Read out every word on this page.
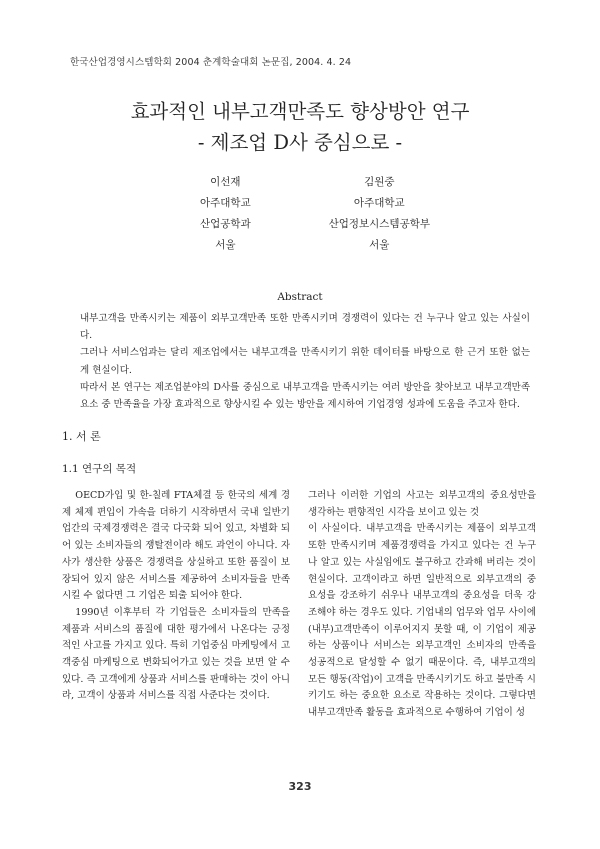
한국산업경영시스템학회 2004 춘계학술대회 논문집, 2004. 4. 24
효과적인 내부고객만족도 향상방안 연구
- 제조업 D사 중심으로 -
이선재
아주대학교
산업공학과
서울
김원중
아주대학교
산업정보시스템공학부
서울
Abstract

내부고객을 만족시키는 제품이 외부고객만족 또한 만족시키며 경쟁력이 있다는 건 누구나 알고 있는 사실이다.

그러나 서비스업과는 달리 제조업에서는 내부고객을 만족시키기 위한 데이터를 바탕으로 한 근거 또한 없는 게 현실이다.

따라서 본 연구는 제조업분야의 D사를 중심으로 내부고객을 만족시키는 여러 방안을 찾아보고 내부고객만족 요소 중 만족율을 가장 효과적으로 향상시킬 수 있는 방안을 제시하여 기업경영 성과에 도움을 주고자 한다.

1. 서 론
1.1 연구의 목적

OECD가입 및 한-칠레 FTA체결 등 한국의 세계 경제 체제 편입이 가속을 더하기 시작하면서 국내 일반기업간의 국제경쟁력은 결국 다국화 되어 있고, 차별화 되어 있는 소비자들의 쟁탈전이라 해도 과언이 아니다. 자사가 생산한 상품은 경쟁력을 상실하고 또한 품질이 보장되어 있지 않은 서비스를 제공하여 소비자들을 만족시킬 수 없다면 그 기업은 퇴출 되어야 한다.

1990년 이후부터 각 기업들은 소비자들의 만족을 제품과 서비스의 품질에 대한 평가에서 나온다는 긍정적인 사고를 가지고 있다. 특히 기업중심 마케팅에서 고객중심 마케팅으로 변화되어가고 있는 것을 보면 알 수 있다. 즉 고객에게 상품과 서비스를 판매하는 것이 아니라, 고객이 상품과 서비스를 직접 사준다는 것이다.

그러나 이러한 기업의 사고는 외부고객의 중요성만을 생각하는 편향적인 시각을 보이고 있는 것

이 사실이다. 내부고객을 만족시키는 제품이 외부고객 또한 만족시키며 제품경쟁력을 가지고 있다는 건 누구나 알고 있는 사실임에도 불구하고 간과해 버리는 것이 현실이다. 고객이라고 하면 일반적으로 외부고객의 중요성을 강조하기 쉬우나 내부고객의 중요성을 더욱 강조해야 하는 경우도 있다. 기업내의 업무와 업무 사이에 (내부)고객만족이 이루어지지 못할 때, 이 기업이 제공하는 상품이나 서비스는 외부고객인 소비자의 만족을 성공적으로 달성할 수 없기 때문이다. 즉, 내부고객의 모든 행동(작업)이 고객을 만족시키기도 하고 불만족 시키기도 하는 중요한 요소로 작용하는 것이다. 그렇다면 내부고객만족 활동을 효과적으로 수행하여 기업이 성

323
